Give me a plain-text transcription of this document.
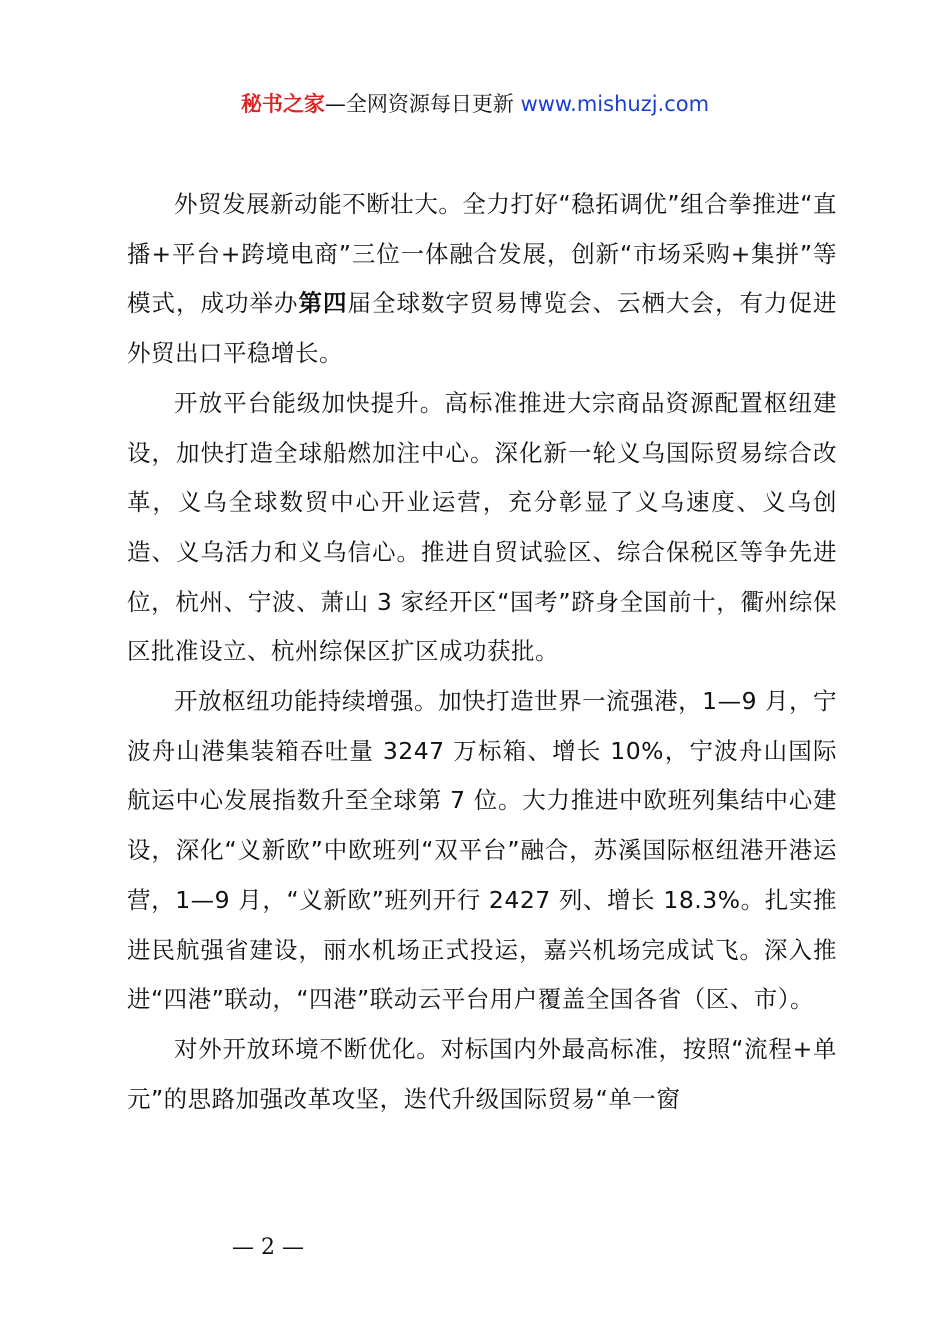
秘书之家—全网资源每日更新 www.mishuzj.com

外贸发展新动能不断壮大。全力打好“稳拓调优”组合拳推进“直播+平台+跨境电商”三位一体融合发展，创新“市场采购+集拼”等模式，成功举办第四届全球数字贸易博览会、云栖大会，有力促进外贸出口平稳增长。

开放平台能级加快提升。高标准推进大宗商品资源配置枢纽建设，加快打造全球船燃加注中心。深化新一轮义乌国际贸易综合改革，义乌全球数贸中心开业运营，充分彰显了义乌速度、义乌创造、义乌活力和义乌信心。推进自贸试验区、综合保税区等争先进位，杭州、宁波、萧山 3 家经开区“国考”跻身全国前十，衢州综保区批准设立、杭州综保区扩区成功获批。

开放枢纽功能持续增强。加快打造世界一流强港，1—9 月，宁波舟山港集装箱吞吐量 3247 万标箱、增长 10%，宁波舟山国际航运中心发展指数升至全球第 7 位。大力推进中欧班列集结中心建设，深化“义新欧”中欧班列“双平台”融合，苏溪国际枢纽港开港运营，1—9 月，“义新欧”班列开行 2427 列、增长 18.3%。扎实推进民航强省建设，丽水机场正式投运，嘉兴机场完成试飞。深入推进“四港”联动，“四港”联动云平台用户覆盖全国各省（区、市）。

对外开放环境不断优化。对标国内外最高标准，按照“流程+单元”的思路加强改革攻坚，迭代升级国际贸易“单一窗

— 2 —
